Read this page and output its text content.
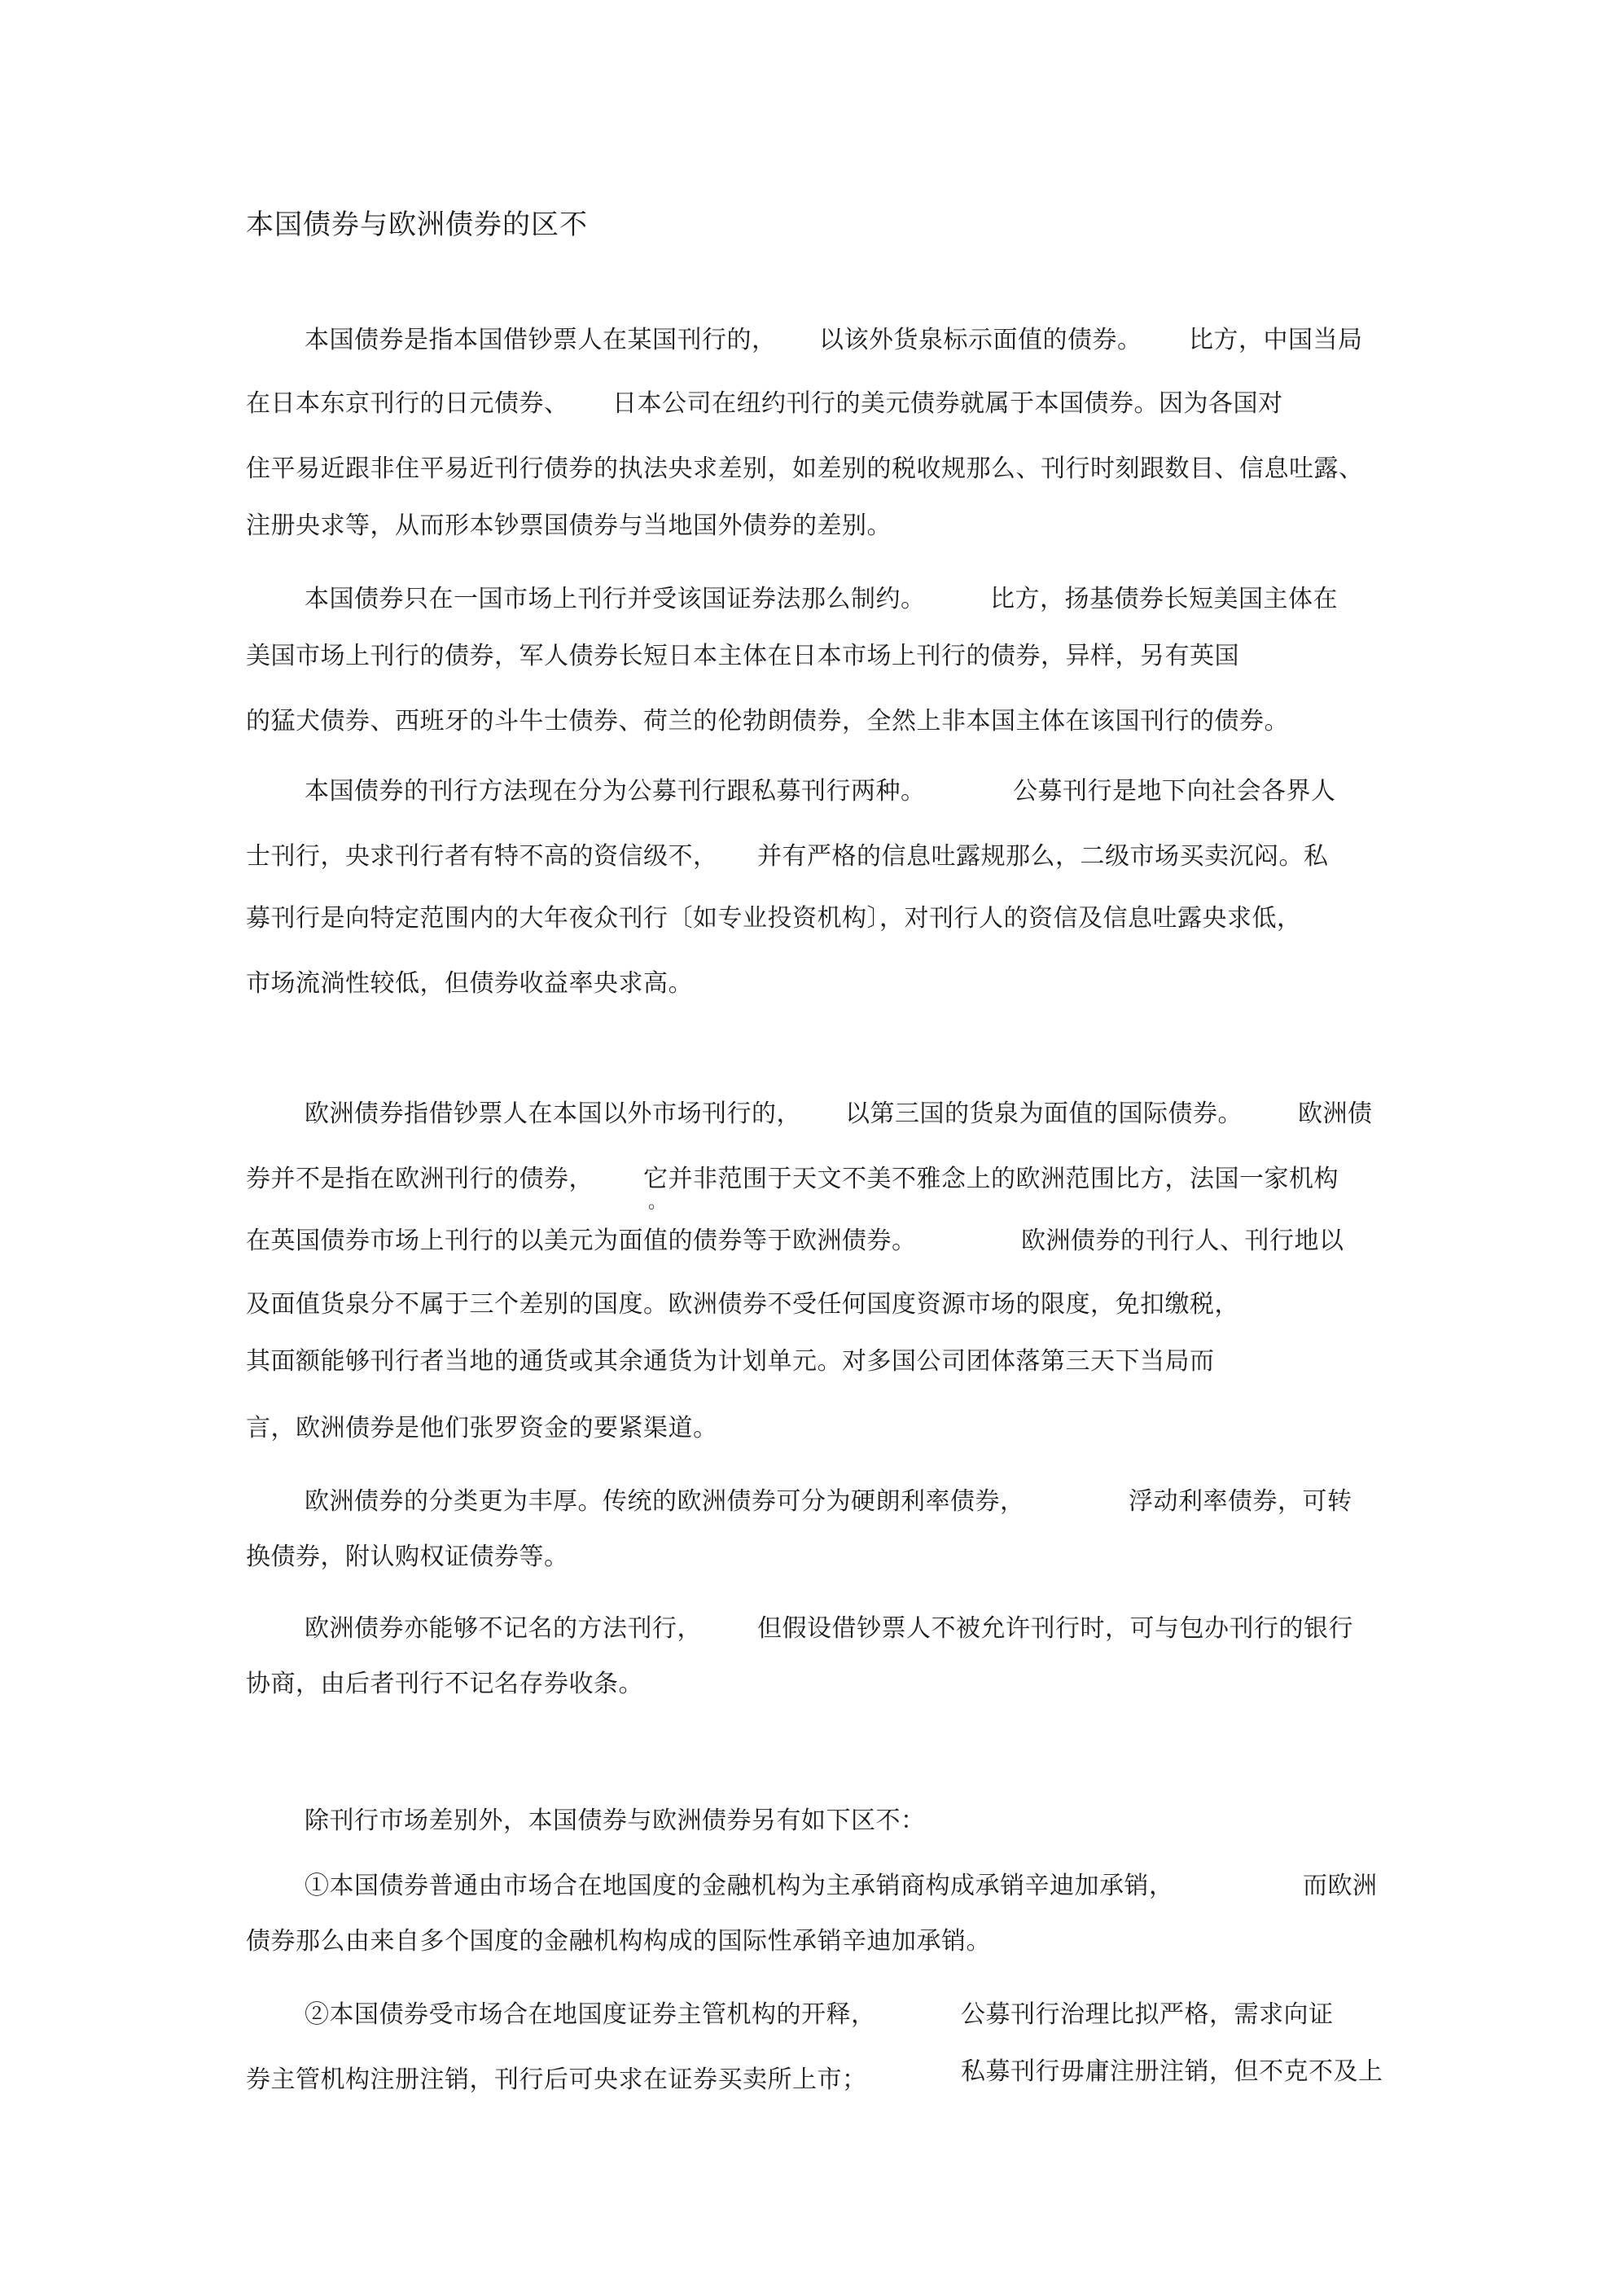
本国债券与欧洲债券的区不
本国债券是指本国借钞票人在某国刊行的， 以该外货泉标示面值的债券。 比方，中国当局
在日本东京刊行的日元债券、 日本公司在纽约刊行的美元债券就属于本国债券。因为各国对
住平易近跟非住平易近刊行债券的执法央求差别，如差别的税收规那么、刊行时刻跟数目、信息吐露、
注册央求等，从而形本钞票国债券与当地国外债券的差别。
本国债券只在一国市场上刊行并受该国证券法那么制约。	比方，扬基债券长短美国主体在
美国市场上刊行的债券，军人债券长短日本主体在日本市场上刊行的债券，异样，另有英国
的猛犬债券、西班牙的斗牛士债券、荷兰的伦勃朗债券，全然上非本国主体在该国刊行的债券。
本国债券的刊行方法现在分为公募刊行跟私募刊行两种。	公募刊行是地下向社会各界人
士刊行，央求刊行者有特不高的资信级不， 并有严格的信息吐露规那么，二级市场买卖沉闷。私
募刊行是向特定范围内的大年夜众刊行〔如专业投资机构〕，对刊行人的资信及信息吐露央求低，
市场流淌性较低，但债券收益率央求高。
欧洲债券指借钞票人在本国以外市场刊行的， 以第三国的货泉为面值的国际债券。 欧洲债
券并不是指在欧洲刊行的债券， 它并非范围于天文不美不雅念上的欧洲范围比方，法国一家机构
。
在英国债券市场上刊行的以美元为面值的债券等于欧洲债券。	欧洲债券的刊行人、刊行地以
及面值货泉分不属于三个差别的国度。欧洲债券不受任何国度资源市场的限度，免扣缴税，
其面额能够刊行者当地的通货或其余通货为计划单元。对多国公司团体落第三天下当局而
言，欧洲债券是他们张罗资金的要紧渠道。
欧洲债券的分类更为丰厚。传统的欧洲债券可分为硬朗利率债券，	浮动利率债券，可转
换债券，附认购权证债券等。
欧洲债券亦能够不记名的方法刊行， 但假设借钞票人不被允许刊行时，可与包办刊行的银行
协商，由后者刊行不记名存券收条。
除刊行市场差别外，本国债券与欧洲债券另有如下区不：
①本国债券普通由市场合在地国度的金融机构为主承销商构成承销辛迪加承销，	而欧洲
债券那么由来自多个国度的金融机构构成的国际性承销辛迪加承销。
②本国债券受市场合在地国度证券主管机构的开释，	公募刊行治理比拟严格，需求向证
券主管机构注册注销，刊行后可央求在证券买卖所上市；	私募刊行毋庸注册注销，但不克不及上
